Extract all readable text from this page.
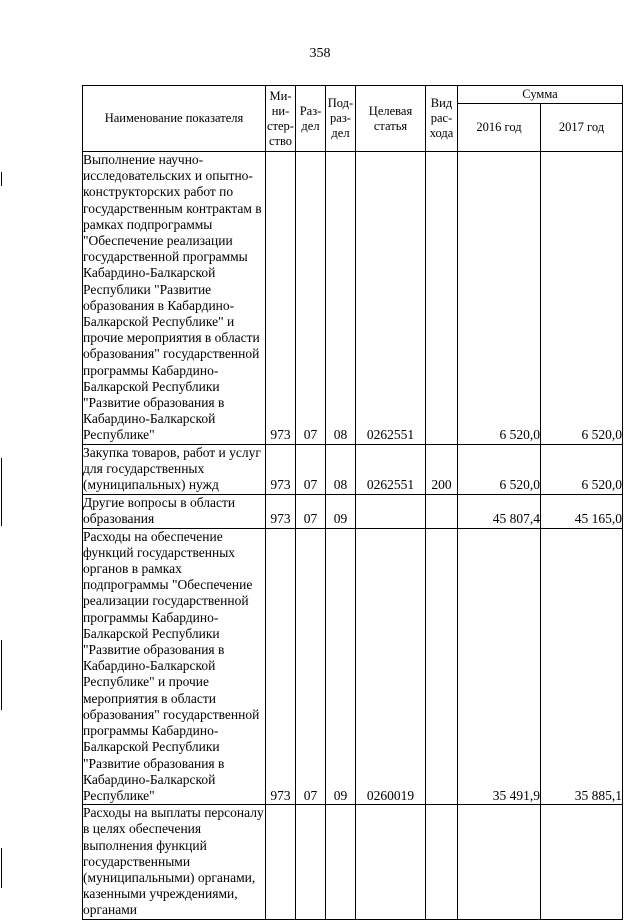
358
Наименование показателя	Ми-ни-стер-ство	Раз-дел	Под-раз-дел	Целевая статья	Вид рас-хода	Сумма	
						2016 год	2017 год
Выполнение научно-исследовательских и опытно-конструкторских работ по государственным контрактам в рамках подпрограммы "Обеспечение реализации государственной программы Кабардино-Балкарской Республики "Развитие образования в Кабардино-Балкарской Республике" и прочие мероприятия в области образования" государственной программы Кабардино-Балкарской Республики "Развитие образования в Кабардино-Балкарской Республике"	973	07	08	0262551		6 520,0	6 520,0
Закупка товаров, работ и услуг для государственных (муниципальных) нужд	973	07	08	0262551	200	6 520,0	6 520,0
Другие вопросы в области образования	973	07	09			45 807,4	45 165,0
Расходы на обеспечение функций государственных органов в рамках подпрограммы "Обеспечение реализации государственной программы Кабардино-Балкарской Республики "Развитие образования в Кабардино-Балкарской Республике" и прочие мероприятия в области образования" государственной программы Кабардино-Балкарской Республики "Развитие образования в Кабардино-Балкарской Республике"	973	07	09	0260019		35 491,9	35 885,1
Расходы на выплаты персоналу в целях обеспечения выполнения функций государственными (муниципальными) органами, казенными учреждениями, органами							
